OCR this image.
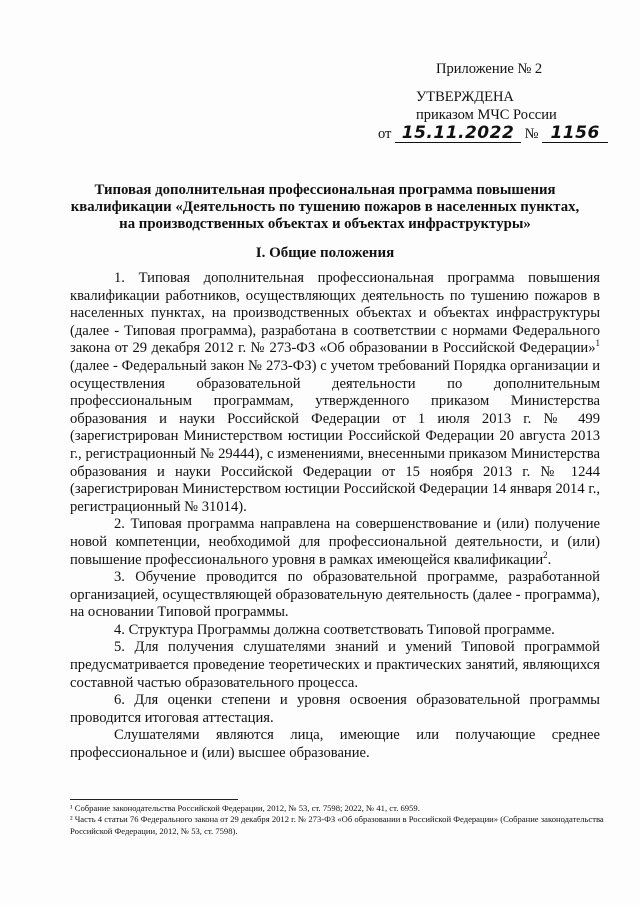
Приложение № 2
УТВЕРЖДЕНА
приказом МЧС России
от 15.11.2022 № 1156
Типовая дополнительная профессиональная программа повышения
квалификации «Деятельность по тушению пожаров в населенных пунктах,
на производственных объектах и объектах инфраструктуры»
I. Общие положения

1. Типовая дополнительная профессиональная программа повышения квалификации работников, осуществляющих деятельность по тушению пожаров в населенных пунктах, на производственных объектах и объектах инфраструктуры (далее - Типовая программа), разработана в соответствии с нормами Федерального закона от 29 декабря 2012 г. № 273-ФЗ «Об образовании в Российской Федерации»$^1$ (далее - Федеральный закон № 273-ФЗ) с учетом требований Порядка организации и осуществления образовательной деятельности по дополнительным профессиональным программам, утвержденного приказом Министерства образования и науки Российской Федерации от 1 июля 2013 г. № 499 (зарегистрирован Министерством юстиции Российской Федерации 20 августа 2013 г., регистрационный № 29444), с изменениями, внесенными приказом Министерства образования и науки Российской Федерации от 15 ноября 2013 г. № 1244 (зарегистрирован Министерством юстиции Российской Федерации 14 января 2014 г., регистрационный № 31014).

2. Типовая программа направлена на совершенствование и (или) получение новой компетенции, необходимой для профессиональной деятельности, и (или) повышение профессионального уровня в рамках имеющейся квалификации$^2$.

3. Обучение проводится по образовательной программе, разработанной организацией, осуществляющей образовательную деятельность (далее - программа), на основании Типовой программы.

4. Структура Программы должна соответствовать Типовой программе.

5. Для получения слушателями знаний и умений Типовой программой предусматривается проведение теоретических и практических занятий, являющихся составной частью образовательного процесса.

6. Для оценки степени и уровня освоения образовательной программы проводится итоговая аттестация.

Слушателями являются лица, имеющие или получающие среднее профессиональное и (или) высшее образование.

¹ Собрание законодательства Российской Федерации, 2012, № 53, ст. 7598; 2022, № 41, ст. 6959.

² Часть 4 статьи 76 Федерального закона от 29 декабря 2012 г. № 273-ФЗ «Об образовании в Российской Федерации» (Собрание законодательства Российской Федерации, 2012, № 53, ст. 7598).
